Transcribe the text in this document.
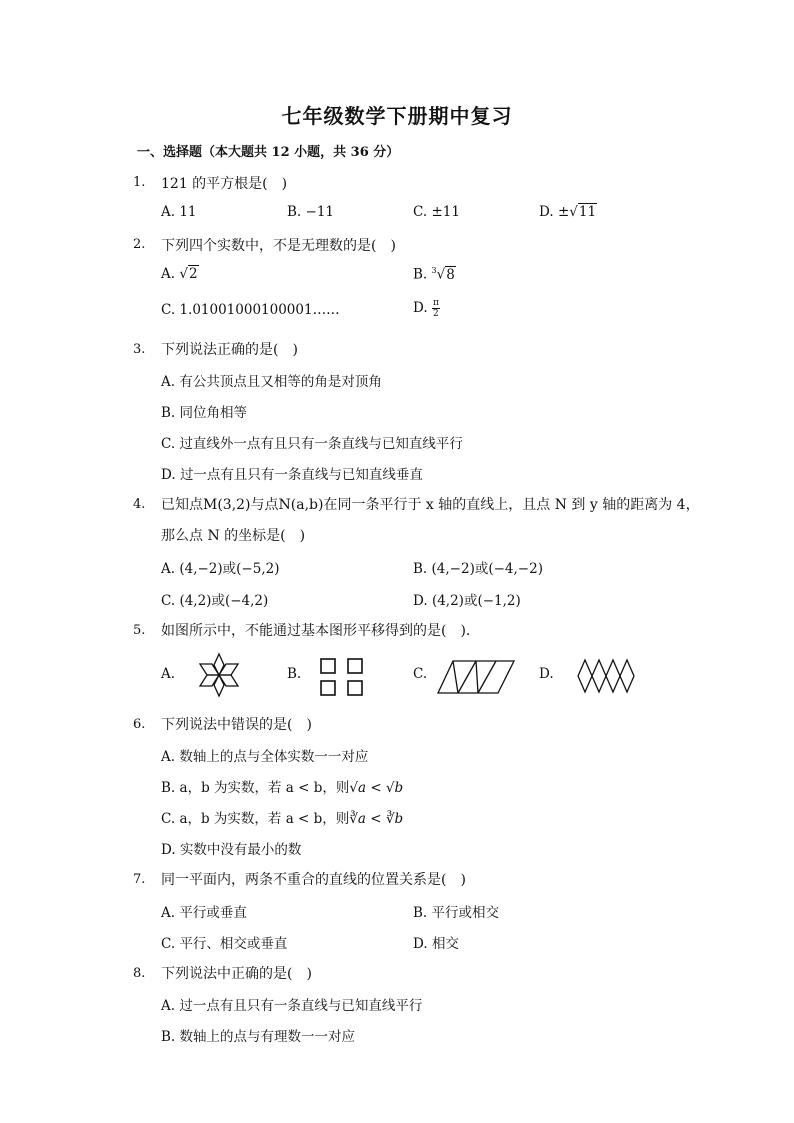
七年级数学下册期中复习
一、选择题（本大题共 12 小题，共 36 分）
1. 121 的平方根是(　)
A. 11	B. −11	C. ±11	D. ±√11
2. 下列四个实数中，不是无理数的是(　)
A. √2	B. $^3$√8
C. 1.01001000100001……	D. $\frac{\pi}{2}$
3. 下列说法正确的是(　)
A. 有公共顶点且又相等的角是对顶角
B. 同位角相等
C. 过直线外一点有且只有一条直线与已知直线平行
D. 过一点有且只有一条直线与已知直线垂直
4. 已知点M(3,2)与点N(a,b)在同一条平行于 x 轴的直线上，且点 N 到 y 轴的距离为 4，
那么点 N 的坐标是(　)
A. (4,−2)或(−5,2)	B. (4,−2)或(−4,−2)
C. (4,2)或(−4,2)	D. (4,2)或(−1,2)
5. 如图所示中，不能通过基本图形平移得到的是(　)．
A.	B.	C.	D.
6. 下列说法中错误的是(　)
A. 数轴上的点与全体实数一一对应
B. a，b 为实数，若 a < b，则√a < √b
C. a，b 为实数，若 a < b，则∛a < ∛b
D. 实数中没有最小的数
7. 同一平面内，两条不重合的直线的位置关系是(　)
A. 平行或垂直	B. 平行或相交
C. 平行、相交或垂直	D. 相交
8. 下列说法中正确的是(　)
A. 过一点有且只有一条直线与已知直线平行
B. 数轴上的点与有理数一一对应
